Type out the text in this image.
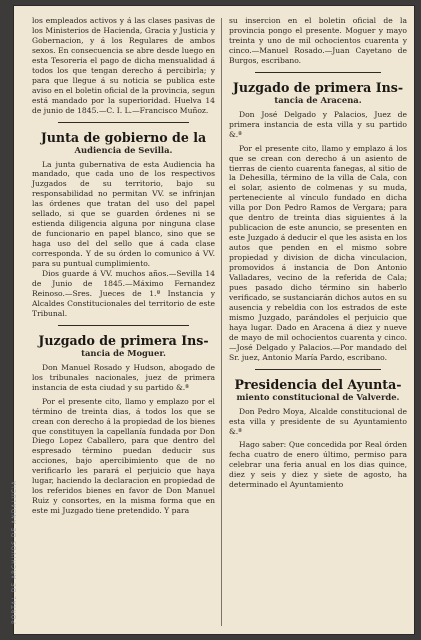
los empleados activos y á las clases pasivas de los Ministerios de Hacienda, Gracia y Justicia y Gobernacion, y á los Regulares de ambos sexos. En consecuencia se abre desde luego en esta Tesoreria el pago de dicha mensualidad á todos los que tengan derecho á percibirla; y para que llegue á su noticia se publica este aviso en el boletin oficial de la provincia, segun está mandado por la superioridad. Huelva 14 de junio de 1845.—C. I. L.—Francisco Muñoz.

Junta de gobierno de la
Audiencia de Sevilla.

La junta gubernativa de esta Audiencia ha mandado, que cada uno de los respectivos Juzgados de su territorio, bajo su responsabilidad no permitan VV. se infrinjan las órdenes que tratan del uso del papel sellado, si que se guarden órdenes ni se estienda diligencia alguna por ninguna clase de funcionario en papel blanco, sino que se haga uso del del sello que á cada clase corresponda. Y de su órden lo comunico á VV. para su puntual cumplimiento.

Dios guarde á VV. muchos años.—Sevilla 14 de Junio de 1845.—Máximo Fernandez Reinoso.—Sres. Jueces de 1.ª Instancia y Alcaldes Constitucionales del territorio de este Tribunal.

Juzgado de primera Ins-
tancia de Moguer.

Don Manuel Rosado y Hudson, abogado de los tribunales nacionales, juez de primera instancia de esta ciudad y su partido &.ª

Por el presente cito, llamo y emplazo por el término de treinta dias, á todos los que se crean con derecho á la propiedad de los bienes que constituyen la capellanía fundada por Don Diego Lopez Caballero, para que dentro del espresado término puedan deducir sus acciones, bajo apercibimiento que de no verificarlo les parará el perjuicio que haya lugar, haciendo la declaracion en propiedad de los referidos bienes en favor de Don Manuel Ruiz y consortes, en la misma forma que en este mi Juzgado tiene pretendido. Y para

su insercion en el boletin oficial de la provincia pongo el presente. Moguer y mayo treinta y uno de mil ochocientos cuarenta y cinco.—Manuel Rosado.—Juan Cayetano de Burgos, escribano.

Juzgado de primera Ins-
tancia de Aracena.

Don José Delgado y Palacios, Juez de primera instancia de esta villa y su partido &.ª

Por el presente cito, llamo y emplazo á los que se crean con derecho á un asiento de tierras de ciento cuarenta fanegas, al sitio de la Dehesilla, término de la villa de Cala, con el solar, asiento de colmenas y su muda, perteneciente al vínculo fundado en dicha villa por Don Pedro Ramos de Vergara; para que dentro de treinta dias siguientes á la publicacion de este anuncio, se presenten en este Juzgado á deducir el que les asista en los autos que penden en el mismo sobre propiedad y division de dicha vinculacion, promovidos á instancia de Don Antonio Valladares, vecino de la referida de Cala; pues pasado dicho término sin haberlo verificado, se sustanciarán dichos autos en su ausencia y rebeldia con los estrados de este mismo Juzgado, parándoles el perjuicio que haya lugar. Dado en Aracena á diez y nueve de mayo de mil ochocientos cuarenta y cinco.—José Delgado y Palacios.—Por mandado del Sr. juez, Antonio María Pardo, escribano.

Presidencia del Ayunta-
miento constitucional de Valverde.

Don Pedro Moya, Alcalde constitucional de esta villa y presidente de su Ayuntamiento &.ª

Hago saber: Que concedida por Real órden fecha cuatro de enero último, permiso para celebrar una feria anual en los dias quince, diez y seis y diez y siete de agosto, ha determinado el Ayuntamiento

PORTAL DE ARCHIVOS DE ANDALUCÍA
